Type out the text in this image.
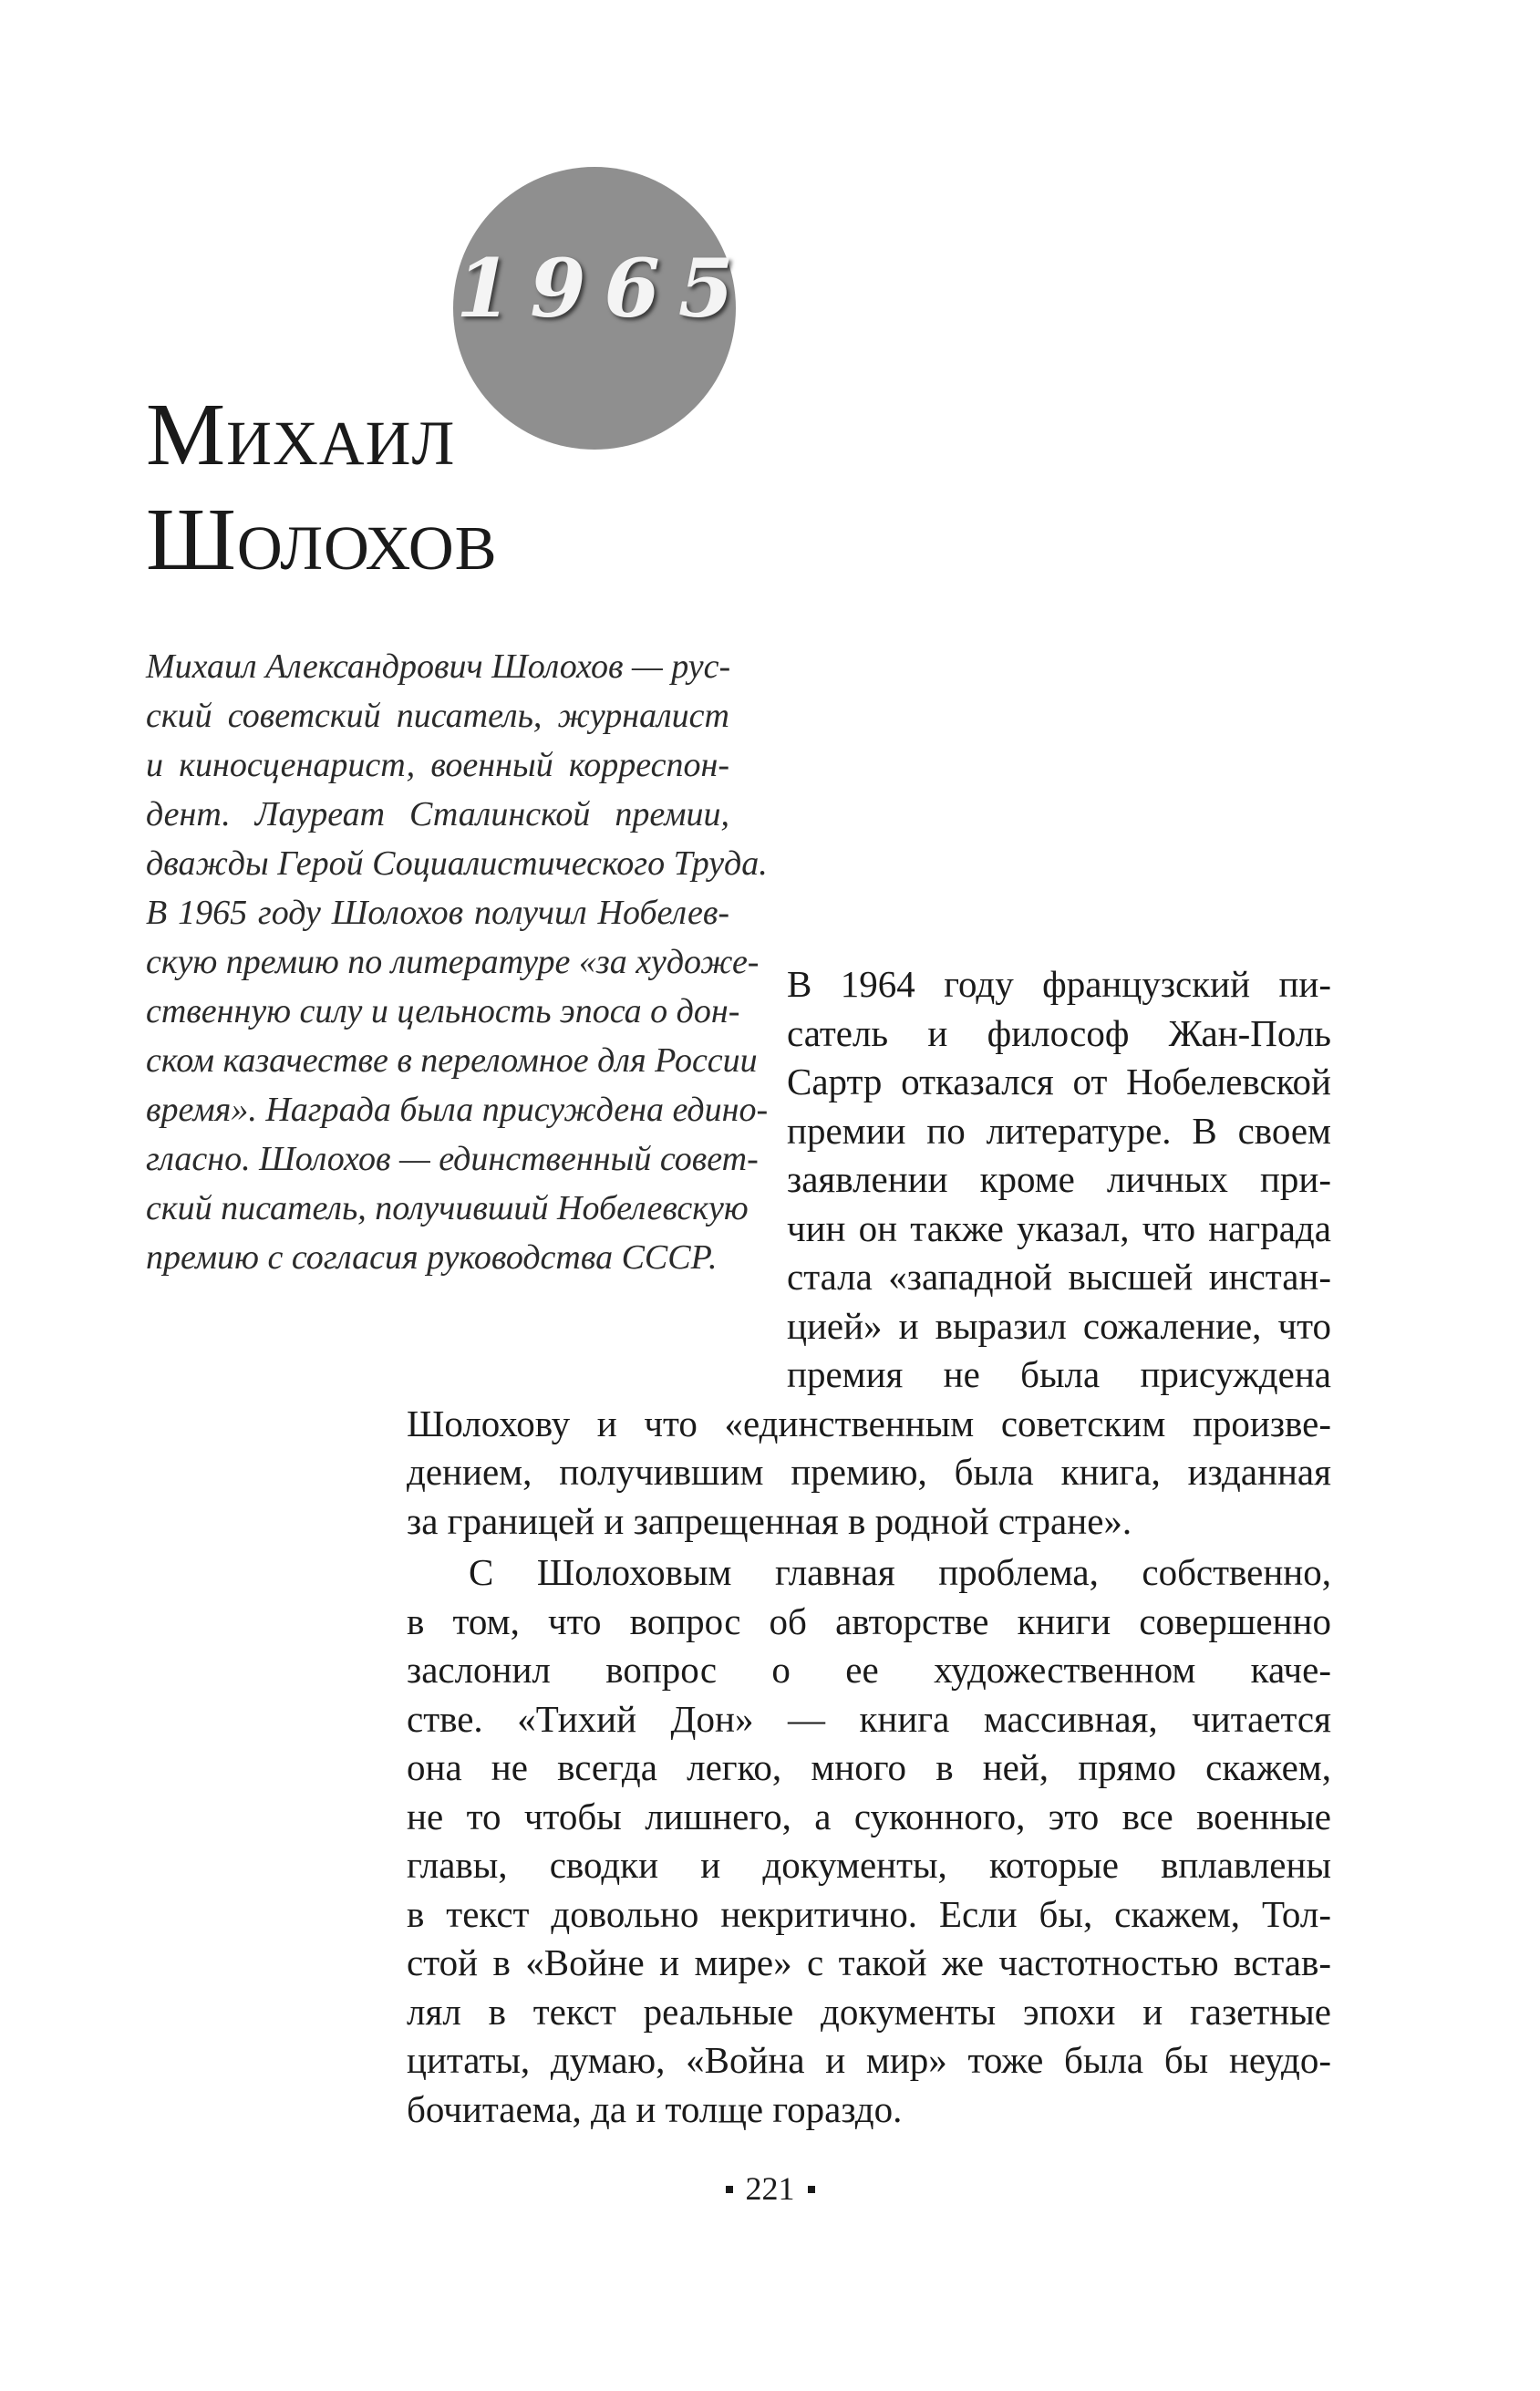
1965
Михаил
Шолохов
Михаил Александрович Шолохов — рус-
ский советский писатель, журналист
и киносценарист, военный корреспон-
дент. Лауреат Сталинской премии,
дважды Герой Социалистического Труда.
В 1965 году Шолохов получил Нобелев-
скую премию по литературе «за художе-
ственную силу и цельность эпоса о дон-
ском казачестве в переломное для России
время». Награда была присуждена едино-
гласно. Шолохов — единственный совет-
ский писатель, получивший Нобелевскую
премию с согласия руководства СССР.
В 1964 году французский пи-
сатель и философ Жан-Поль
Сартр отказался от Нобелевской
премии по литературе. В своем
заявлении кроме личных при-
чин он также указал, что награда
стала «западной высшей инстан-
цией» и выразил сожаление, что
премия не была присуждена
Шолохову и что «единственным советским произве-
дением, получившим премию, была книга, изданная
за границей и запрещенная в родной стране».
С Шолоховым главная проблема, собственно,
в том, что вопрос об авторстве книги совершенно
заслонил вопрос о ее художественном каче-
стве. «Тихий Дон» — книга массивная, читается
она не всегда легко, много в ней, прямо скажем,
не то чтобы лишнего, а суконного, это все военные
главы, сводки и документы, которые вплавлены
в текст довольно некритично. Если бы, скажем, Тол-
стой в «Войне и мире» с такой же частотностью встав-
лял в текст реальные документы эпохи и газетные
цитаты, думаю, «Война и мир» тоже была бы неудо-
бочитаема, да и толще гораздо.
221
